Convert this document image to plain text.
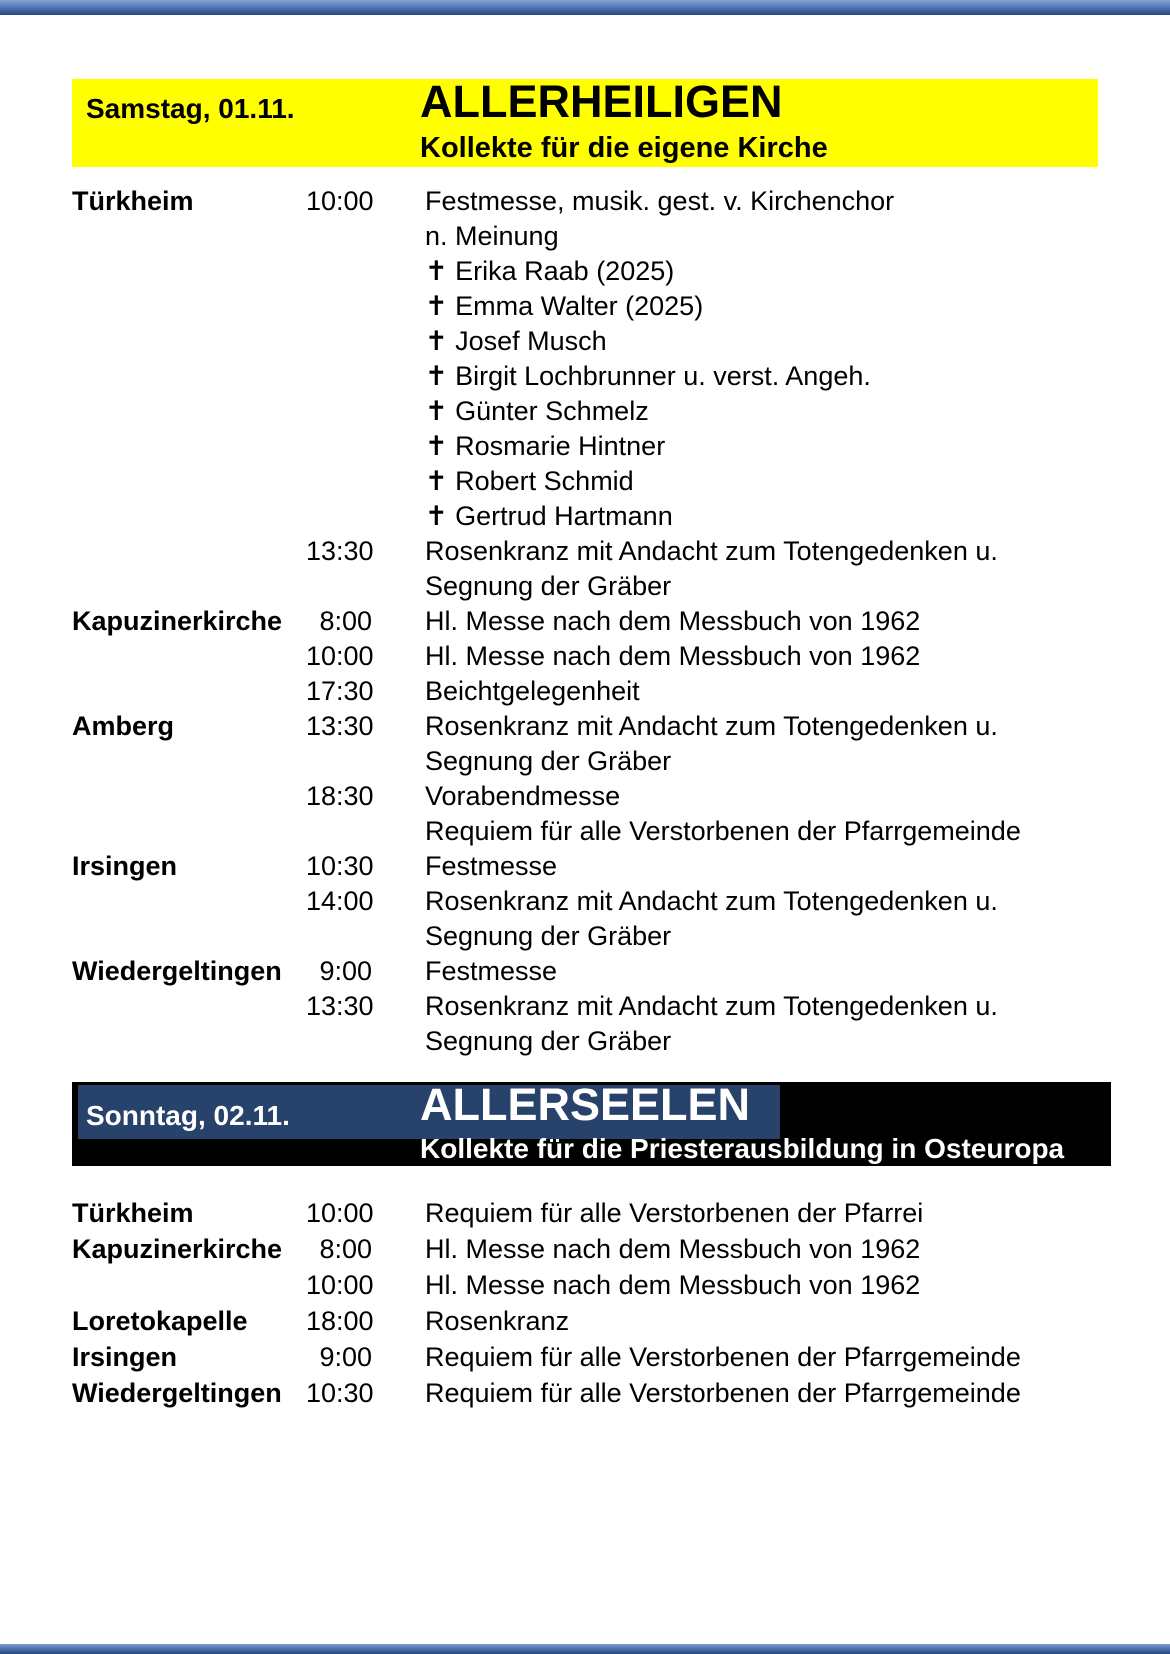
Samstag, 01.11.	ALLERHEILIGEN
Kollekte für die eigene Kirche
Türkheim	10:00 Festmesse, musik. gest. v. Kirchenchor
n. Meinung
✝ Erika Raab (2025)
✝ Emma Walter (2025)
✝ Josef Musch
✝ Birgit Lochbrunner u. verst. Angeh.
✝ Günter Schmelz
✝ Rosmarie Hintner
✝ Robert Schmid
✝ Gertrud Hartmann
13:30 Rosenkranz mit Andacht zum Totengedenken u.
Segnung der Gräber
Kapuzinerkirche	8:00 Hl. Messe nach dem Messbuch von 1962
10:00 Hl. Messe nach dem Messbuch von 1962
17:30 Beichtgelegenheit
Amberg	13:30 Rosenkranz mit Andacht zum Totengedenken u.
Segnung der Gräber
18:30 Vorabendmesse
Requiem für alle Verstorbenen der Pfarrgemeinde
Irsingen	10:30 Festmesse
14:00 Rosenkranz mit Andacht zum Totengedenken u.
Segnung der Gräber
Wiedergeltingen	9:00 Festmesse
13:30 Rosenkranz mit Andacht zum Totengedenken u.
Segnung der Gräber
Sonntag, 02.11.	ALLERSEELEN
Kollekte für die Priesterausbildung in Osteuropa
Türkheim	10:00 Requiem für alle Verstorbenen der Pfarrei
Kapuzinerkirche	8:00 Hl. Messe nach dem Messbuch von 1962
10:00 Hl. Messe nach dem Messbuch von 1962
Loretokapelle	18:00 Rosenkranz
Irsingen	9:00 Requiem für alle Verstorbenen der Pfarrgemeinde
Wiedergeltingen 10:30 Requiem für alle Verstorbenen der Pfarrgemeinde
